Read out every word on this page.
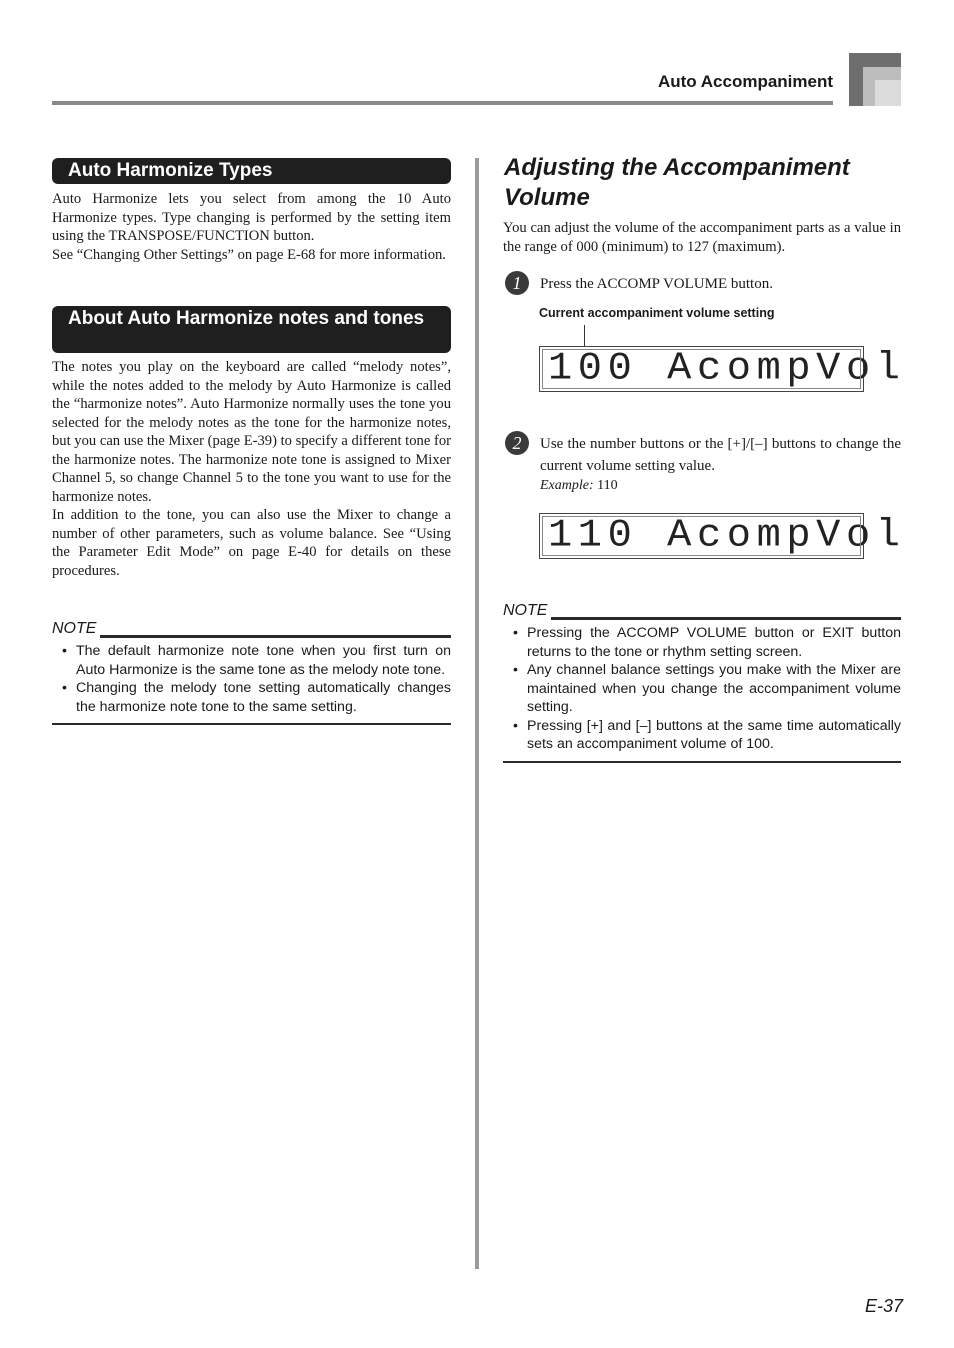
Auto Accompaniment
Auto Harmonize Types

Auto Harmonize lets you select from among the 10 Auto Harmonize types. Type changing is performed by the setting item using the TRANSPOSE/FUNCTION button.

See “Changing Other Settings” on page E-68 for more information.

About Auto Harmonize notes and tones

The notes you play on the keyboard are called “melody notes”, while the notes added to the melody by Auto Harmonize is called the “harmonize notes”. Auto Harmonize normally uses the tone you selected for the melody notes as the tone for the harmonize notes, but you can use the Mixer (page E-39) to specify a different tone for the harmonize notes. The harmonize note tone is assigned to Mixer Channel 5, so change Channel 5 to the tone you want to use for the harmonize notes.

In addition to the tone, you can also use the Mixer to change a number of other parameters, such as volume balance. See “Using the Parameter Edit Mode” on page E-40 for details on these procedures.

NOTE
• The default harmonize note tone when you first turn on Auto Harmonize is the same tone as the melody note tone.
• Changing the melody tone setting automatically changes the harmonize note tone to the same setting.
Adjusting the Accompaniment Volume

You can adjust the volume of the accompaniment parts as a value in the range of 000 (minimum) to 127 (maximum).

1	Press the ACCOMP VOLUME button.

Current accompaniment volume setting
100 AcompVol
2	Use the number buttons or the [+]/[–] buttons to change the current volume setting value.

Example: 110
110 AcompVol
NOTE
• Pressing the ACCOMP VOLUME button or EXIT button returns to the tone or rhythm setting screen.
• Any channel balance settings you make with the Mixer are maintained when you change the accompaniment volume setting.
• Pressing [+] and [–] buttons at the same time automatically sets an accompaniment volume of 100.
E-37
